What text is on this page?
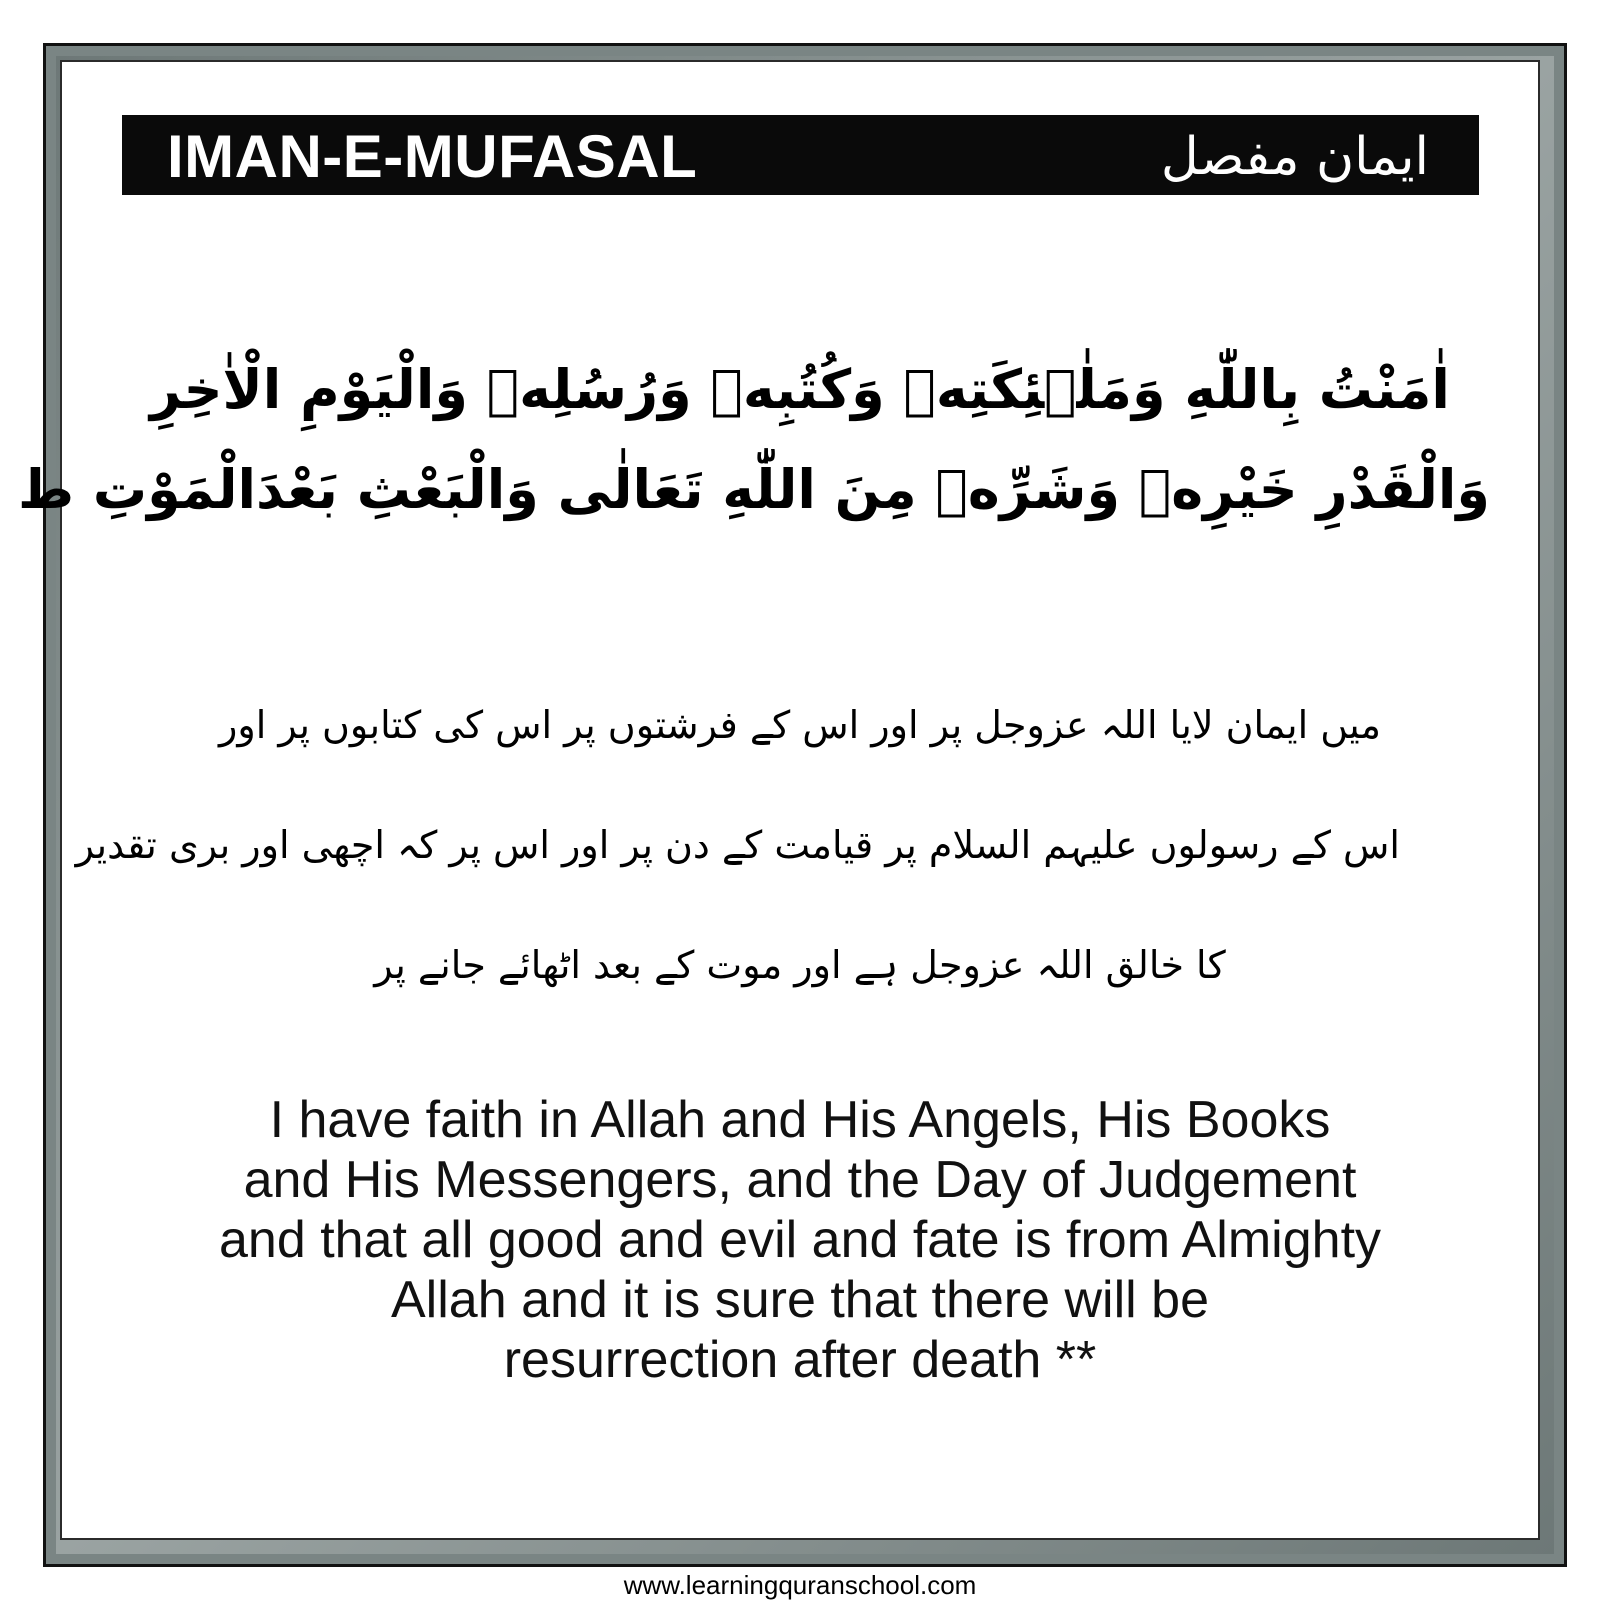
IMAN-E-MUFASAL	ایمان مفصل
اٰمَنْتُ بِاللّٰهِ وَمَلٰۤئِكَتِهٖ وَكُتُبِهٖ وَرُسُلِهٖ وَالْيَوْمِ الْاٰخِرِ
وَالْقَدْرِ خَيْرِهٖ وَشَرِّهٖ مِنَ اللّٰهِ تَعَالٰى وَالْبَعْثِ بَعْدَالْمَوْتِ ط
میں ایمان لایا اللہ عزوجل پر اور اس کے فرشتوں پر اس کی کتابوں پر اور
اس کے رسولوں علیہم السلام پر قیامت کے دن پر اور اس پر کہ اچھی اور بری تقدیر
کا خالق اللہ عزوجل ہے اور موت کے بعد اٹھائے جانے پر
I have faith in Allah and His Angels, His Books
and His Messengers, and the Day of Judgement
and that all good and evil and fate is from Almighty
Allah and it is sure that there will be
resurrection after death **
www.learningquranschool.com
